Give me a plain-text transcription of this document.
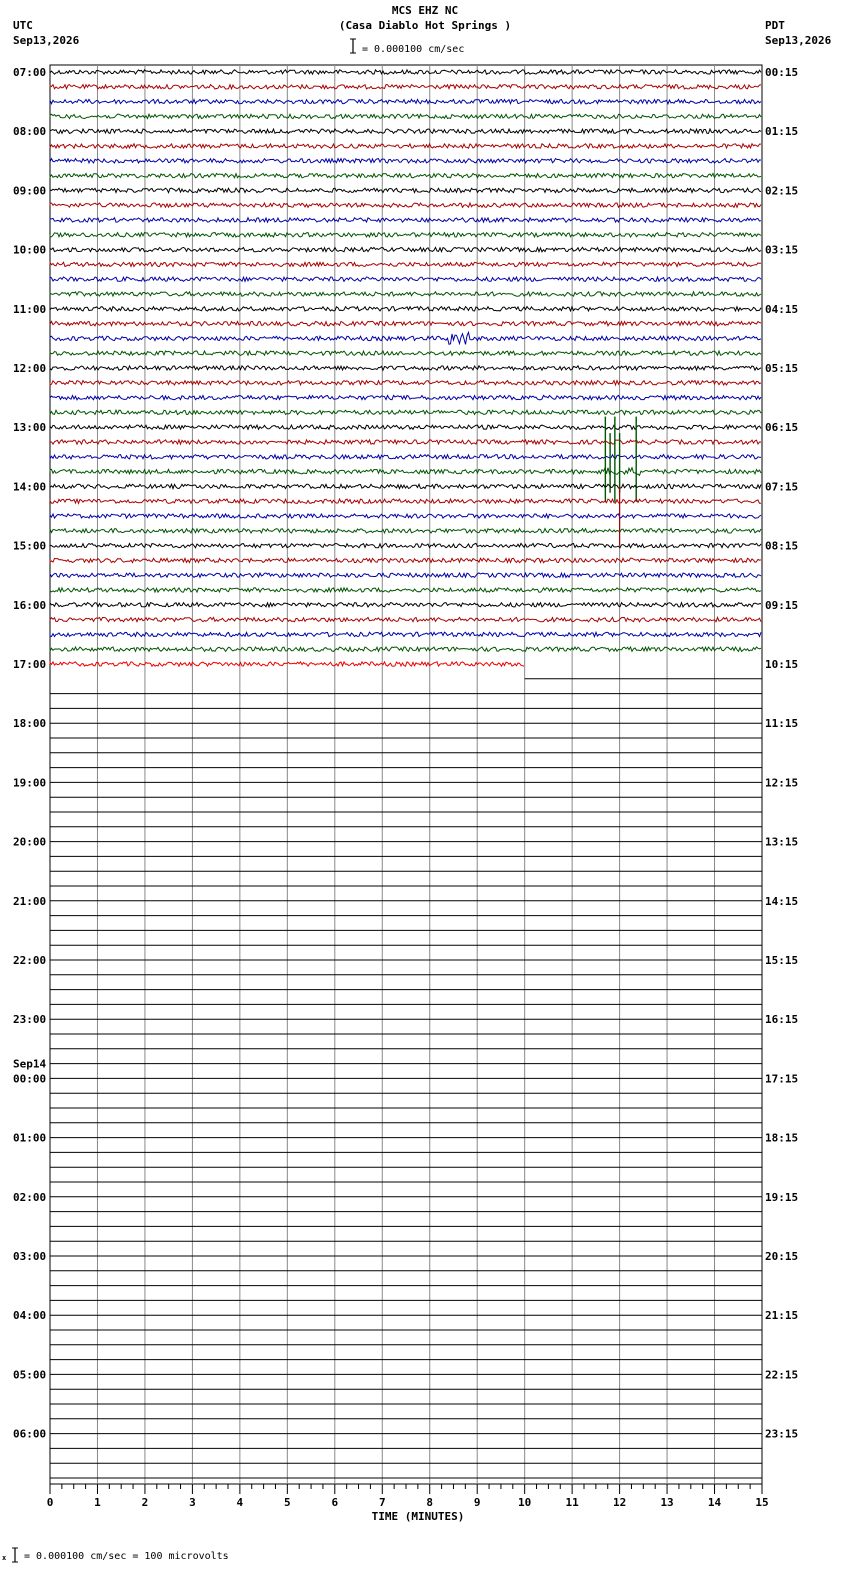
MCS EHZ NC
(Casa Diablo Hot Springs )
= 0.000100 cm/sec
UTC
Sep13,2026
PDT
Sep13,2026
07:00	00:15
08:00	01:15
09:00	02:15
10:00	03:15
11:00	04:15
12:00	05:15
13:00	06:15
14:00	07:15
15:00	08:15
16:00	09:15
17:00	10:15
18:00	11:15
19:00	12:15
20:00	13:15
21:00	14:15
22:00	15:15
23:00	16:15
00:00	17:15
01:00	18:15
02:00	19:15
03:00	20:15
04:00	21:15
05:00	22:15
06:00	23:15
Sep14
0	1	2	3	4	5	6	7	8	9	10	11	12	13	14	15
TIME (MINUTES)
x = 0.000100 cm/sec = 100 microvolts
